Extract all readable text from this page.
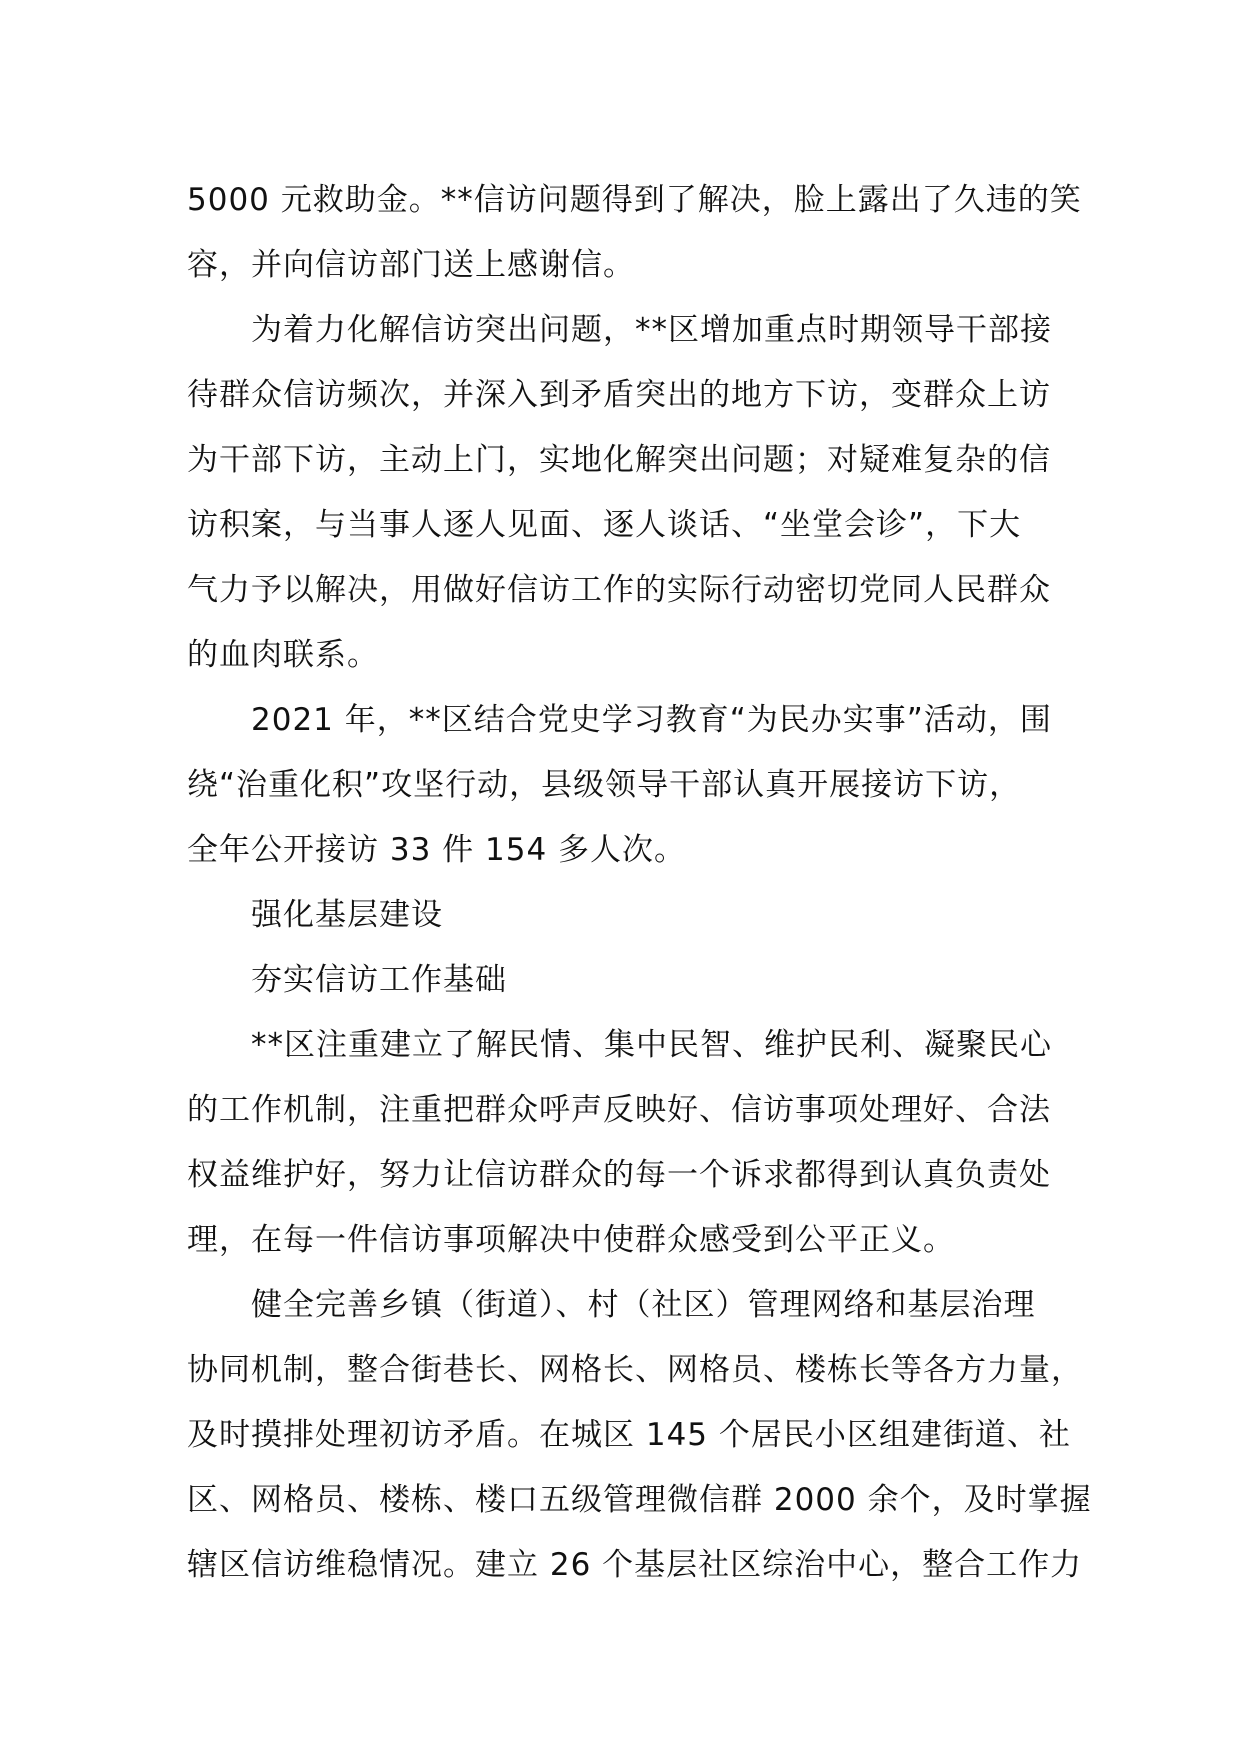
5000 元救助金。**信访问题得到了解决，脸上露出了久违的笑
容，并向信访部门送上感谢信。
为着力化解信访突出问题，**区增加重点时期领导干部接
待群众信访频次，并深入到矛盾突出的地方下访，变群众上访
为干部下访，主动上门，实地化解突出问题；对疑难复杂的信
访积案，与当事人逐人见面、逐人谈话、“坐堂会诊”，下大
气力予以解决，用做好信访工作的实际行动密切党同人民群众
的血肉联系。
2021 年，**区结合党史学习教育“为民办实事”活动，围
绕“治重化积”攻坚行动，县级领导干部认真开展接访下访，
全年公开接访 33 件 154 多人次。
强化基层建设
夯实信访工作基础
**区注重建立了解民情、集中民智、维护民利、凝聚民心
的工作机制，注重把群众呼声反映好、信访事项处理好、合法
权益维护好，努力让信访群众的每一个诉求都得到认真负责处
理，在每一件信访事项解决中使群众感受到公平正义。
健全完善乡镇（街道）、村（社区）管理网络和基层治理
协同机制，整合街巷长、网格长、网格员、楼栋长等各方力量，
及时摸排处理初访矛盾。在城区 145 个居民小区组建街道、社
区、网格员、楼栋、楼口五级管理微信群 2000 余个，及时掌握
辖区信访维稳情况。建立 26 个基层社区综治中心，整合工作力
